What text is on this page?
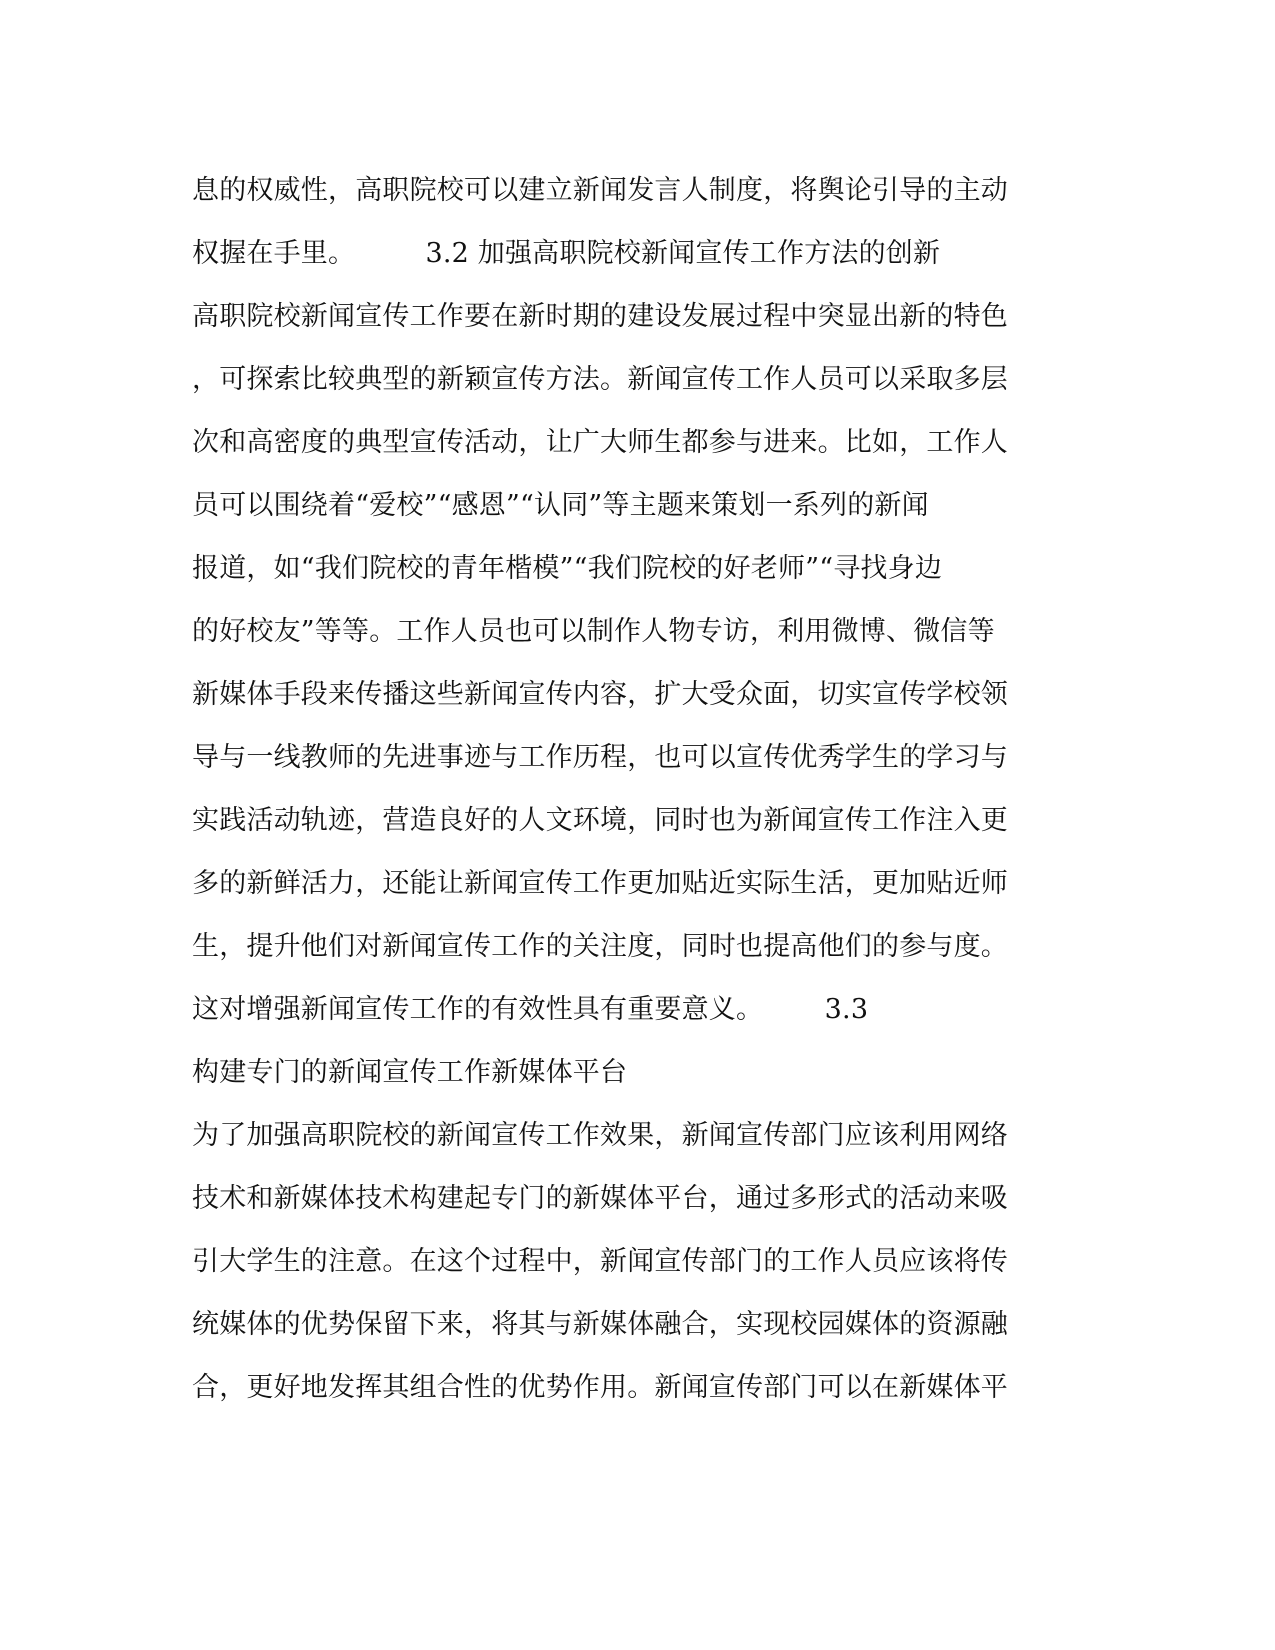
息的权威性，高职院校可以建立新闻发言人制度，将舆论引导的主动
权握在手里。        3.2 加强高职院校新闻宣传工作方法的创新
高职院校新闻宣传工作要在新时期的建设发展过程中突显出新的特色
，可探索比较典型的新颖宣传方法。新闻宣传工作人员可以采取多层
次和高密度的典型宣传活动，让广大师生都参与进来。比如，工作人
员可以围绕着“爱校”“感恩”“认同”等主题来策划一系列的新闻
报道，如“我们院校的青年楷模”“我们院校的好老师”“寻找身边
的好校友”等等。工作人员也可以制作人物专访，利用微博、微信等
新媒体手段来传播这些新闻宣传内容，扩大受众面，切实宣传学校领
导与一线教师的先进事迹与工作历程，也可以宣传优秀学生的学习与
实践活动轨迹，营造良好的人文环境，同时也为新闻宣传工作注入更
多的新鲜活力，还能让新闻宣传工作更加贴近实际生活，更加贴近师
生，提升他们对新闻宣传工作的关注度，同时也提高他们的参与度。
这对增强新闻宣传工作的有效性具有重要意义。       3.3
构建专门的新闻宣传工作新媒体平台
为了加强高职院校的新闻宣传工作效果，新闻宣传部门应该利用网络
技术和新媒体技术构建起专门的新媒体平台，通过多形式的活动来吸
引大学生的注意。在这个过程中，新闻宣传部门的工作人员应该将传
统媒体的优势保留下来，将其与新媒体融合，实现校园媒体的资源融
合，更好地发挥其组合性的优势作用。新闻宣传部门可以在新媒体平
